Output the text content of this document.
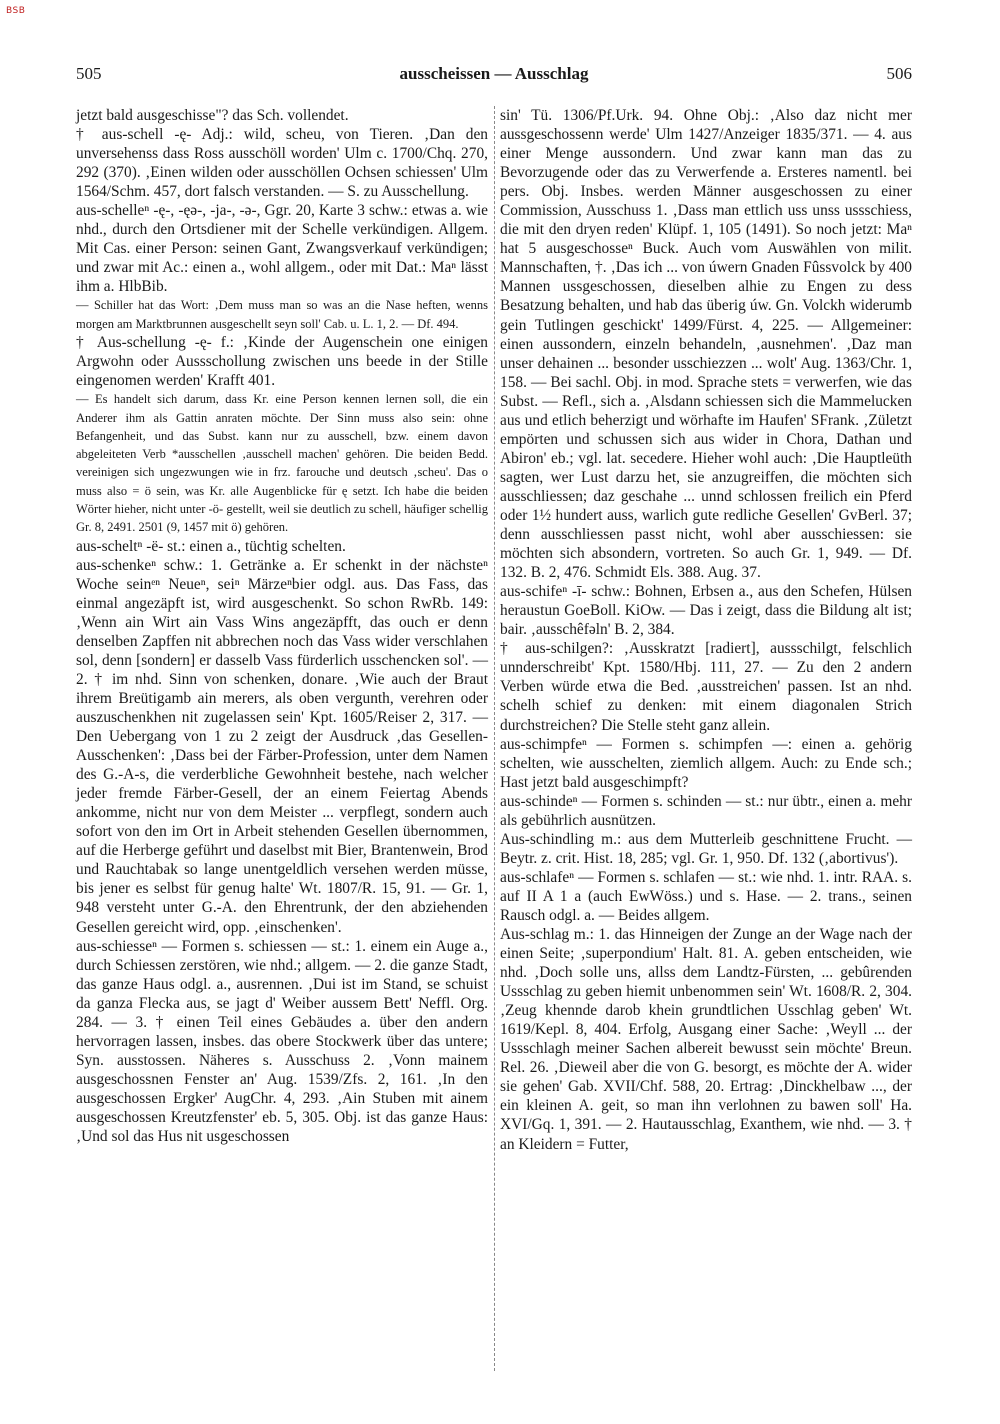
BSB
505	ausscheissen — Ausschlag	506

jetzt bald ausgeschisse"? das Sch. vollendet.

† aus-schell -ę- Adj.: wild, scheu, von Tieren. ‚Dan den unversehenss dass Ross ausschöll worden' Ulm c. 1700/Chq. 270, 292 (370). ‚Einen wilden oder ausschöllen Ochsen schiessen' Ulm 1564/Schm. 457, dort falsch verstanden. — S. zu Ausschellung.

aus-schelleⁿ -ę-, -ęə-, -ja-, -ə-, Ggr. 20, Karte 3 schw.: etwas a. wie nhd., durch den Ortsdiener mit der Schelle verkündigen. Allgem. Mit Cas. einer Person: seinen Gant, Zwangsverkauf verkündigen; und zwar mit Ac.: einen a., wohl allgem., oder mit Dat.: Maⁿ lässt ihm a. HlbBib.

— Schiller hat das Wort: ‚Dem muss man so was an die Nase heften, wenns morgen am Marktbrunnen ausgeschellt seyn soll' Cab. u. L. 1, 2. — Df. 494.

† Aus-schellung -ę- f.: ‚Kinde der Augenschein one einigen Argwohn oder Aussschollung zwischen uns beede in der Stille eingenomen werden' Krafft 401.

— Es handelt sich darum, dass Kr. eine Person kennen lernen soll, die ein Anderer ihm als Gattin anraten möchte. Der Sinn muss also sein: ohne Befangenheit, und das Subst. kann nur zu ausschell, bzw. einem davon abgeleiteten Verb *ausschellen ‚ausschell machen' gehören. Die beiden Bedd. vereinigen sich ungezwungen wie in frz. farouche und deutsch ‚scheu'. Das o muss also = ö sein, was Kr. alle Augenblicke für ę setzt. Ich habe die beiden Wörter hieher, nicht unter -ö- gestellt, weil sie deutlich zu schell, häufiger schellig Gr. 8, 2491. 2501 (9, 1457 mit ö) gehören.

aus-scheltⁿ -ë- st.: einen a., tüchtig schelten.

aus-schenkeⁿ schw.: 1. Getränke a. Er schenkt in der nächsteⁿ Woche seinᵉⁿ Neueⁿ, seiⁿ Märzeⁿbier odgl. aus. Das Fass, das einmal angezäpft ist, wird ausgeschenkt. So schon RwRb. 149: ‚Wenn ain Wirt ain Vass Wins angezäpfft, das ouch er denn denselben Zapffen nit abbrechen noch das Vass wider verschlahen sol, denn [sondern] er dasselb Vass fürderlich usschencken sol'. — 2. † im nhd. Sinn von schenken, donare. ‚Wie auch der Braut ihrem Breütigamb ain merers, als oben vergunth, verehren oder auszuschenkhen nit zugelassen sein' Kpt. 1605/Reiser 2, 317. — Den Uebergang von 1 zu 2 zeigt der Ausdruck ‚das Gesellen-Ausschenken': ‚Dass bei der Färber-Profession, unter dem Namen des G.-A-s, die verderbliche Gewohnheit bestehe, nach welcher jeder fremde Färber-Gesell, der an einem Feiertag Abends ankomme, nicht nur von dem Meister ... verpflegt, sondern auch sofort von den im Ort in Arbeit stehenden Gesellen übernommen, auf die Herberge geführt und daselbst mit Bier, Brantenwein, Brod und Rauchtabak so lange unentgeldlich versehen werden müsse, bis jener es selbst für genug halte' Wt. 1807/R. 15, 91. — Gr. 1, 948 versteht unter G.-A. den Ehrentrunk, der den abziehenden Gesellen gereicht wird, opp. ‚einschenken'.

aus-schiesseⁿ — Formen s. schiessen — st.: 1. einem ein Auge a., durch Schiessen zerstören, wie nhd.; allgem. — 2. die ganze Stadt, das ganze Haus odgl. a., ausrennen. ‚Dui ist im Stand, se schuist da ganza Flecka aus, se jagt d' Weiber aussem Bett' Neffl. Org. 284. — 3. † einen Teil eines Gebäudes a. über den andern hervorragen lassen, insbes. das obere Stockwerk über das untere; Syn. ausstossen. Näheres s. Ausschuss 2. ‚Vonn mainem ausgeschossnen Fenster an' Aug. 1539/Zfs. 2, 161. ‚In den ausgeschossen Ergker' AugChr. 4, 293. ‚Ain Stuben mit ainem ausgeschossen Kreutzfenster' eb. 5, 305. Obj. ist das ganze Haus: ‚Und sol das Hus nit usgeschossen

sin' Tü. 1306/Pf.Urk. 94. Ohne Obj.: ‚Also daz nicht mer aussgeschossenn werde' Ulm 1427/Anzeiger 1835/371. — 4. aus einer Menge aussondern. Und zwar kann man das zu Bevorzugende oder das zu Verwerfende a. Ersteres namentl. bei pers. Obj. Insbes. werden Männer ausgeschossen zu einer Commission, Ausschuss 1. ‚Dass man ettlich uss unss ussschiess, die mit den dryen reden' Klüpf. 1, 105 (1491). So noch jetzt: Maⁿ hat 5 ausgeschosseⁿ Buck. Auch vom Auswählen von milit. Mannschaften, †. ‚Das ich ... von úwern Gnaden Fûssvolck by 400 Mannen ussgeschossen, dieselben alhie zu Engen zu dess Besatzung behalten, und hab das überig úw. Gn. Volckh widerumb gein Tutlingen geschickt' 1499/Fürst. 4, 225. — Allgemeiner: einen aussondern, einzeln behandeln, ‚ausnehmen'. ‚Daz man unser dehainen ... besonder usschiezzen ... wolt' Aug. 1363/Chr. 1, 158. — Bei sachl. Obj. in mod. Sprache stets = verwerfen, wie das Subst. — Refl., sich a. ‚Alsdann schiessen sich die Mammelucken aus und etlich beherzigt und wörhafte im Haufen' SFrank. ‚Zületzt empörten und schussen sich aus wider in Chora, Dathan und Abiron' eb.; vgl. lat. secedere. Hieher wohl auch: ‚Die Hauptleüth sagten, wer Lust darzu het, sie anzugreiffen, die möchten sich ausschliessen; daz geschahe ... unnd schlossen freilich ein Pferd oder 1½ hundert auss, warlich gute redliche Gesellen' GvBerl. 37; denn ausschliessen passt nicht, wohl aber ausschiessen: sie möchten sich absondern, vortreten. So auch Gr. 1, 949. — Df. 132. B. 2, 476. Schmidt Els. 388. Aug. 37.

aus-schifeⁿ -ī- schw.: Bohnen, Erbsen a., aus den Schefen, Hülsen heraustun GoeBoll. KiOw. — Das i zeigt, dass die Bildung alt ist; bair. ‚ausschêfəln' B. 2, 384.

† aus-schilgen?: ‚Ausskratzt [radiert], aussschilgt, felschlich unnderschreibt' Kpt. 1580/Hbj. 111, 27. — Zu den 2 andern Verben würde etwa die Bed. ‚ausstreichen' passen. Ist an nhd. schelh schief zu denken: mit einem diagonalen Strich durchstreichen? Die Stelle steht ganz allein.

aus-schimpfeⁿ — Formen s. schimpfen —: einen a. gehörig schelten, wie ausschelten, ziemlich allgem. Auch: zu Ende sch.; Hast jetzt bald ausgeschimpft?

aus-schindeⁿ — Formen s. schinden — st.: nur übtr., einen a. mehr als gebührlich ausnützen.

Aus-schindling m.: aus dem Mutterleib geschnittene Frucht. — Beytr. z. crit. Hist. 18, 285; vgl. Gr. 1, 950. Df. 132 (‚abortivus').

aus-schlafeⁿ — Formen s. schlafen — st.: wie nhd. 1. intr. RAA. s. auf II A 1 a (auch EwWöss.) und s. Hase. — 2. trans., seinen Rausch odgl. a. — Beides allgem.

Aus-schlag m.: 1. das Hinneigen der Zunge an der Wage nach der einen Seite; ‚superpondium' Halt. 81. A. geben entscheiden, wie nhd. ‚Doch solle uns, allss dem Landtz-Fürsten, ... gebûrenden Ussschlag zu geben hiemit unbenommen sein' Wt. 1608/R. 2, 304. ‚Zeug khennde darob khein grundtlichen Usschlag geben' Wt. 1619/Kepl. 8, 404. Erfolg, Ausgang einer Sache: ‚Weyll ... der Ussschlagh meiner Sachen albereit bewusst sein möchte' Breun. Rel. 26. ‚Dieweil aber die von G. besorgt, es möchte der A. wider sie gehen' Gab. XVII/Chf. 588, 20. Ertrag: ‚Dinckhelbaw ..., der ein kleinen A. geit, so man ihn verlohnen zu bawen soll' Ha. XVI/Gq. 1, 391. — 2. Hautausschlag, Exanthem, wie nhd. — 3. † an Kleidern = Futter,
